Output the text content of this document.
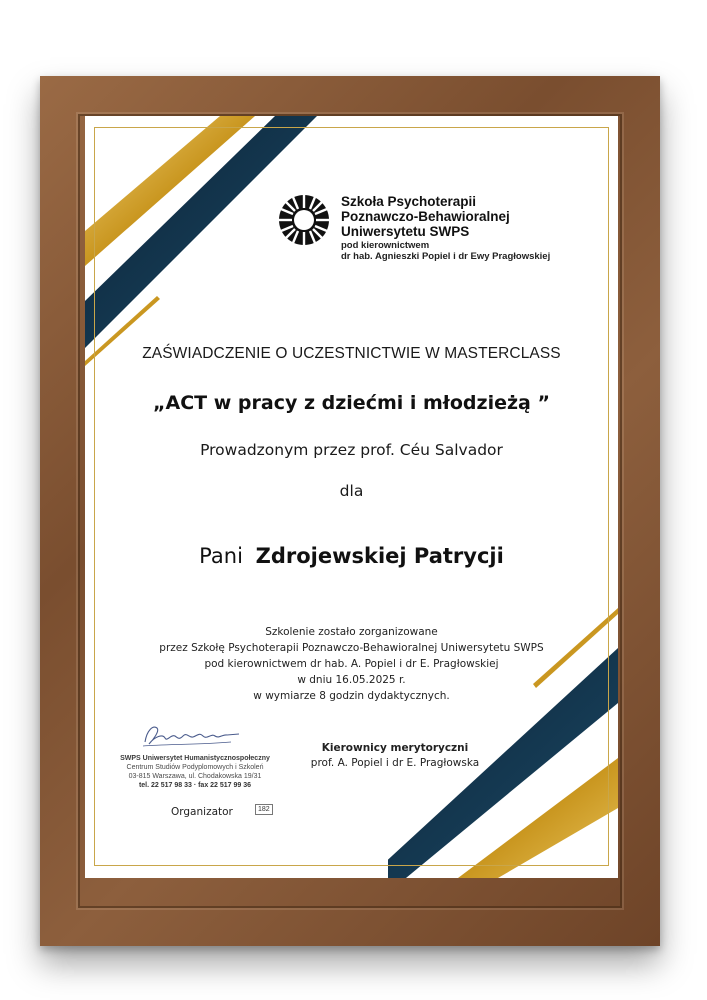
Szkoła Psychoterapii
Poznawczo-Behawioralnej
Uniwersytetu SWPS
pod kierownictwem
dr hab. Agnieszki Popiel i dr Ewy Pragłowskiej
ZAŚWIADCZENIE O UCZESTNICTWIE W MASTERCLASS
„ACT w pracy z dziećmi i młodzieżą ”
Prowadzonym przez prof. Céu Salvador
dla
Pani Zdrojewskiej Patrycji
Szkolenie zostało zorganizowane
przez Szkołę Psychoterapii Poznawczo-Behawioralnej Uniwersytetu SWPS
pod kierownictwem dr hab. A. Popiel i dr E. Pragłowskiej
w dniu 16.05.2025 r.
w wymiarze 8 godzin dydaktycznych.
SWPS Uniwersytet Humanistycznospołeczny
Centrum Studiów Podyplomowych i Szkoleń
03-815 Warszawa, ul. Chodakowska 19/31
tel. 22 517 98 33 · fax 22 517 99 36
Organizator	182
Kierownicy merytoryczni
prof. A. Popiel i dr E. Pragłowska
